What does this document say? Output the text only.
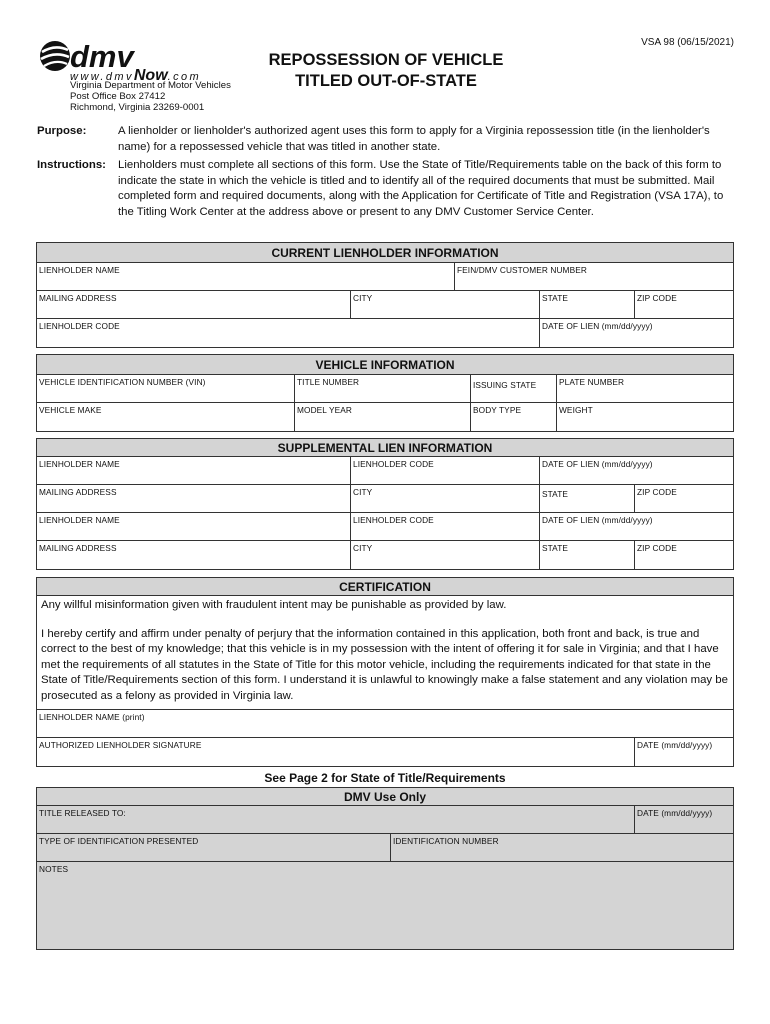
VSA 98 (06/15/2021)
dmv
www.dmvNow.com
Virginia Department of Motor Vehicles
Post Office Box 27412
Richmond, Virginia 23269-0001
REPOSSESSION OF VEHICLE
TITLED OUT-OF-STATE
Purpose:	A lienholder or lienholder's authorized agent uses this form to apply for a Virginia repossession title (in the lienholder's name) for a repossessed vehicle that was titled in another state.
Instructions: Lienholders must complete all sections of this form. Use the State of Title/Requirements table on the back of this form to indicate the state in which the vehicle is titled and to identify all of the required documents that must be submitted. Mail completed form and required documents, along with the Application for Certificate of Title and Registration (VSA 17A), to the Titling Work Center at the address above or present to any DMV Customer Service Center.
CURRENT LIENHOLDER INFORMATION
LIENHOLDER NAME	FEIN/DMV CUSTOMER NUMBER
MAILING ADDRESS	CITY	STATE	ZIP CODE
LIENHOLDER CODE	DATE OF LIEN (mm/dd/yyyy)
VEHICLE INFORMATION
VEHICLE IDENTIFICATION NUMBER (VIN)	TITLE NUMBER	ISSUING STATE	PLATE NUMBER
VEHICLE MAKE	MODEL YEAR	BODY TYPE	WEIGHT
SUPPLEMENTAL LIEN INFORMATION
LIENHOLDER NAME	LIENHOLDER CODE	DATE OF LIEN (mm/dd/yyyy)
MAILING ADDRESS	CITY	STATE	ZIP CODE
LIENHOLDER NAME	LIENHOLDER CODE	DATE OF LIEN (mm/dd/yyyy)
MAILING ADDRESS	CITY	STATE	ZIP CODE
CERTIFICATION

Any willful misinformation given with fraudulent intent may be punishable as provided by law.

I hereby certify and affirm under penalty of perjury that the information contained in this application, both front and back, is true and correct to the best of my knowledge; that this vehicle is in my possession with the intent of offering it for sale in Virginia; and that I have met the requirements of all statutes in the State of Title for this motor vehicle, including the requirements indicated for that state in the State of Title/Requirements section of this form. I understand it is unlawful to knowingly make a false statement and any violation may be prosecuted as a felony as provided in Virginia law.

LIENHOLDER NAME (print)
AUTHORIZED LIENHOLDER SIGNATURE	DATE (mm/dd/yyyy)
See Page 2 for State of Title/Requirements
DMV Use Only
TITLE RELEASED TO:	DATE (mm/dd/yyyy)
TYPE OF IDENTIFICATION PRESENTED	IDENTIFICATION NUMBER
NOTES
